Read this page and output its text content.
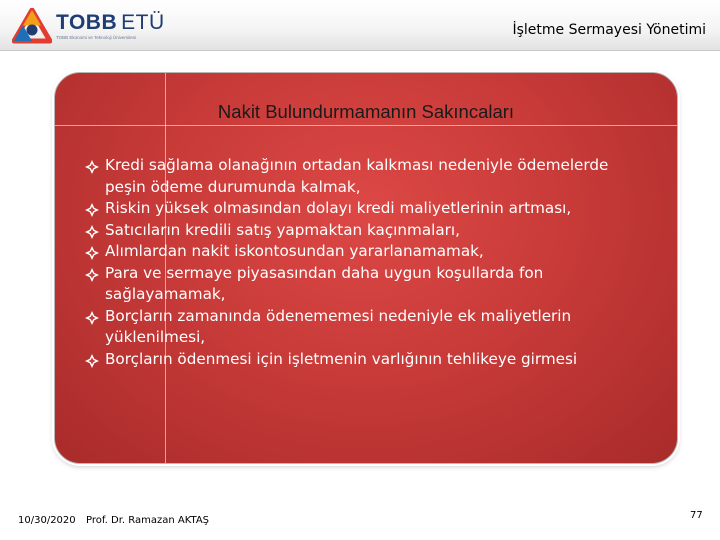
TOBB ETÜ
TOBB Ekonomi ve Teknoloji Üniversitesi	İşletme Sermayesi Yönetimi
Nakit Bulundurmamanın Sakıncaları
Kredi sağlama olanağının ortadan kalkması nedeniyle ödemelerde
peşin ödeme durumunda kalmak,
Riskin yüksek olmasından dolayı kredi maliyetlerinin artması,
Satıcıların kredili satış yapmaktan kaçınmaları,
Alımlardan nakit iskontosundan yararlanamamak,
Para ve sermaye piyasasından daha uygun koşullarda fon
sağlayamamak,
Borçların zamanında ödenememesi nedeniyle ek maliyetlerin
yüklenilmesi,
Borçların ödenmesi için işletmenin varlığının tehlikeye girmesi
10/30/2020 Prof. Dr. Ramazan AKTAŞ	77
